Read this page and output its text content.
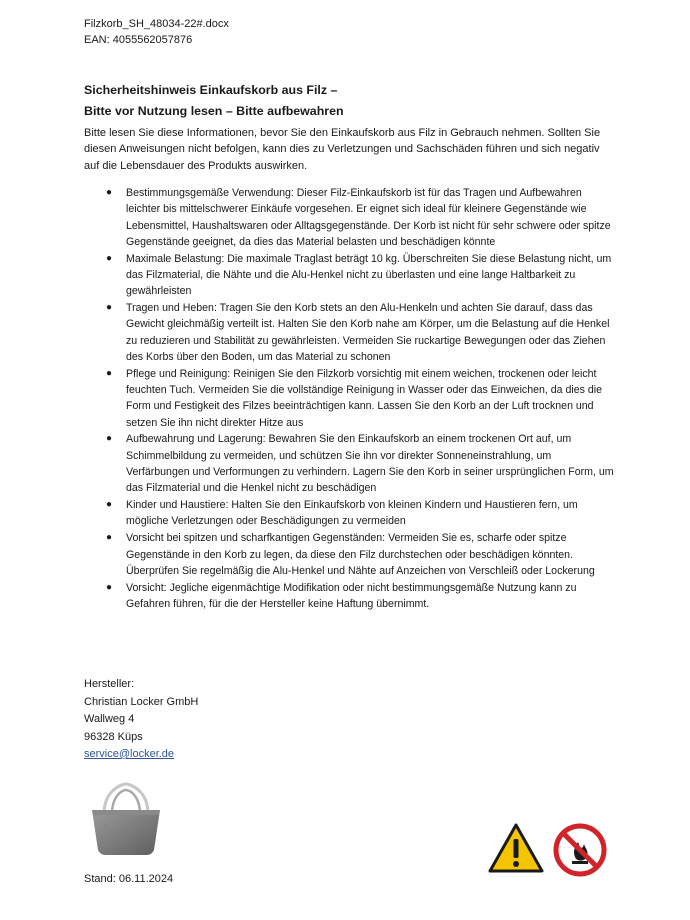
Filzkorb_SH_48034-22#.docx
EAN: 4055562057876
Sicherheitshinweis Einkaufskorb aus Filz –
Bitte vor Nutzung lesen – Bitte aufbewahren
Bitte lesen Sie diese Informationen, bevor Sie den Einkaufskorb aus Filz in Gebrauch nehmen. Sollten Sie diesen Anweisungen nicht befolgen, kann dies zu Verletzungen und Sachschäden führen und sich negativ auf die Lebensdauer des Produkts auswirken.
● Bestimmungsgemäße Verwendung: Dieser Filz-Einkaufskorb ist für das Tragen und Aufbewahren leichter bis mittelschwerer Einkäufe vorgesehen. Er eignet sich ideal für kleinere Gegenstände wie Lebensmittel, Haushaltswaren oder Alltagsgegenstände. Der Korb ist nicht für sehr schwere oder spitze Gegenstände geeignet, da dies das Material belasten und beschädigen könnte
● Maximale Belastung: Die maximale Traglast beträgt 10 kg. Überschreiten Sie diese Belastung nicht, um das Filzmaterial, die Nähte und die Alu-Henkel nicht zu überlasten und eine lange Haltbarkeit zu gewährleisten
● Tragen und Heben: Tragen Sie den Korb stets an den Alu-Henkeln und achten Sie darauf, dass das Gewicht gleichmäßig verteilt ist. Halten Sie den Korb nahe am Körper, um die Belastung auf die Henkel zu reduzieren und Stabilität zu gewährleisten. Vermeiden Sie ruckartige Bewegungen oder das Ziehen des Korbs über den Boden, um das Material zu schonen
● Pflege und Reinigung: Reinigen Sie den Filzkorb vorsichtig mit einem weichen, trockenen oder leicht feuchten Tuch. Vermeiden Sie die vollständige Reinigung in Wasser oder das Einweichen, da dies die Form und Festigkeit des Filzes beeinträchtigen kann. Lassen Sie den Korb an der Luft trocknen und setzen Sie ihn nicht direkter Hitze aus
● Aufbewahrung und Lagerung: Bewahren Sie den Einkaufskorb an einem trockenen Ort auf, um Schimmelbildung zu vermeiden, und schützen Sie ihn vor direkter Sonneneinstrahlung, um Verfärbungen und Verformungen zu verhindern. Lagern Sie den Korb in seiner ursprünglichen Form, um das Filzmaterial und die Henkel nicht zu beschädigen
● Kinder und Haustiere: Halten Sie den Einkaufskorb von kleinen Kindern und Haustieren fern, um mögliche Verletzungen oder Beschädigungen zu vermeiden
● Vorsicht bei spitzen und scharfkantigen Gegenständen: Vermeiden Sie es, scharfe oder spitze Gegenstände in den Korb zu legen, da diese den Filz durchstechen oder beschädigen könnten. Überprüfen Sie regelmäßig die Alu-Henkel und Nähte auf Anzeichen von Verschleiß oder Lockerung
● Vorsicht: Jegliche eigenmächtige Modifikation oder nicht bestimmungsgemäße Nutzung kann zu Gefahren führen, für die der Hersteller keine Haftung übernimmt.
Hersteller:
Christian Locker GmbH
Wallweg 4
96328 Küps
service@locker.de
Stand: 06.11.2024
